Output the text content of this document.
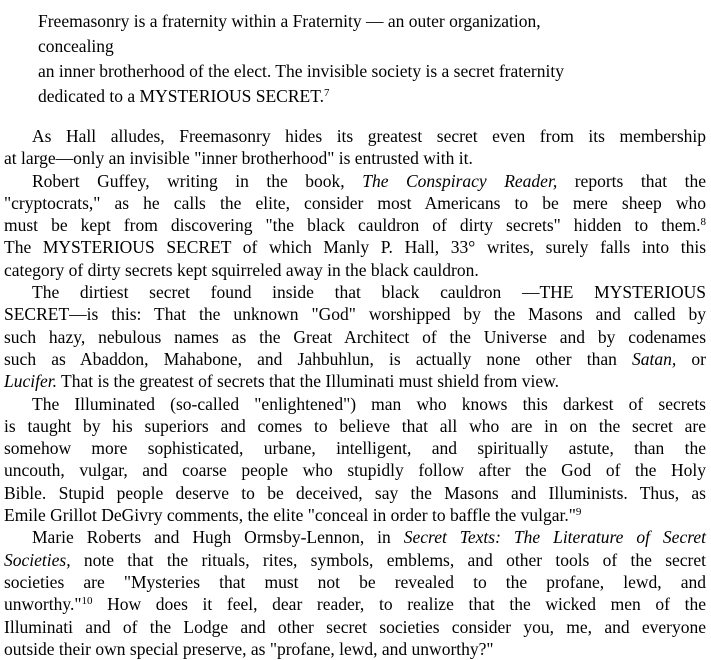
Freemasonry is a fraternity within a Fraternity — an outer organization, concealing
an inner brotherhood of the elect. The invisible society is a secret fraternity
dedicated to a MYSTERIOUS SECRET.$^7$

As Hall alludes, Freemasonry hides its greatest secret even from its membership
at large—only an invisible "inner brotherhood" is entrusted with it.

Robert Guffey, writing in the book, The Conspiracy Reader, reports that the
"cryptocrats," as he calls the elite, consider most Americans to be mere sheep who
must be kept from discovering "the black cauldron of dirty secrets" hidden to them.$^8$
The MYSTERIOUS SECRET of which Manly P. Hall, 33° writes, surely falls into this
category of dirty secrets kept squirreled away in the black cauldron.

The dirtiest secret found inside that black cauldron —THE MYSTERIOUS
SECRET—is this: That the unknown "God" worshipped by the Masons and called by
such hazy, nebulous names as the Great Architect of the Universe and by codenames
such as Abaddon, Mahabone, and Jahbuhlun, is actually none other than Satan, or
Lucifer. That is the greatest of secrets that the Illuminati must shield from view.

The Illuminated (so-called "enlightened") man who knows this darkest of secrets
is taught by his superiors and comes to believe that all who are in on the secret are
somehow more sophisticated, urbane, intelligent, and spiritually astute, than the
uncouth, vulgar, and coarse people who stupidly follow after the God of the Holy
Bible. Stupid people deserve to be deceived, say the Masons and Illuminists. Thus, as
Emile Grillot DeGivry comments, the elite "conceal in order to baffle the vulgar."$^9$

Marie Roberts and Hugh Ormsby-Lennon, in Secret Texts: The Literature of Secret
Societies, note that the rituals, rites, symbols, emblems, and other tools of the secret
societies are "Mysteries that must not be revealed to the profane, lewd, and
unworthy."$^{10}$ How does it feel, dear reader, to realize that the wicked men of the
Illuminati and of the Lodge and other secret societies consider you, me, and everyone
outside their own special preserve, as "profane, lewd, and unworthy?"
